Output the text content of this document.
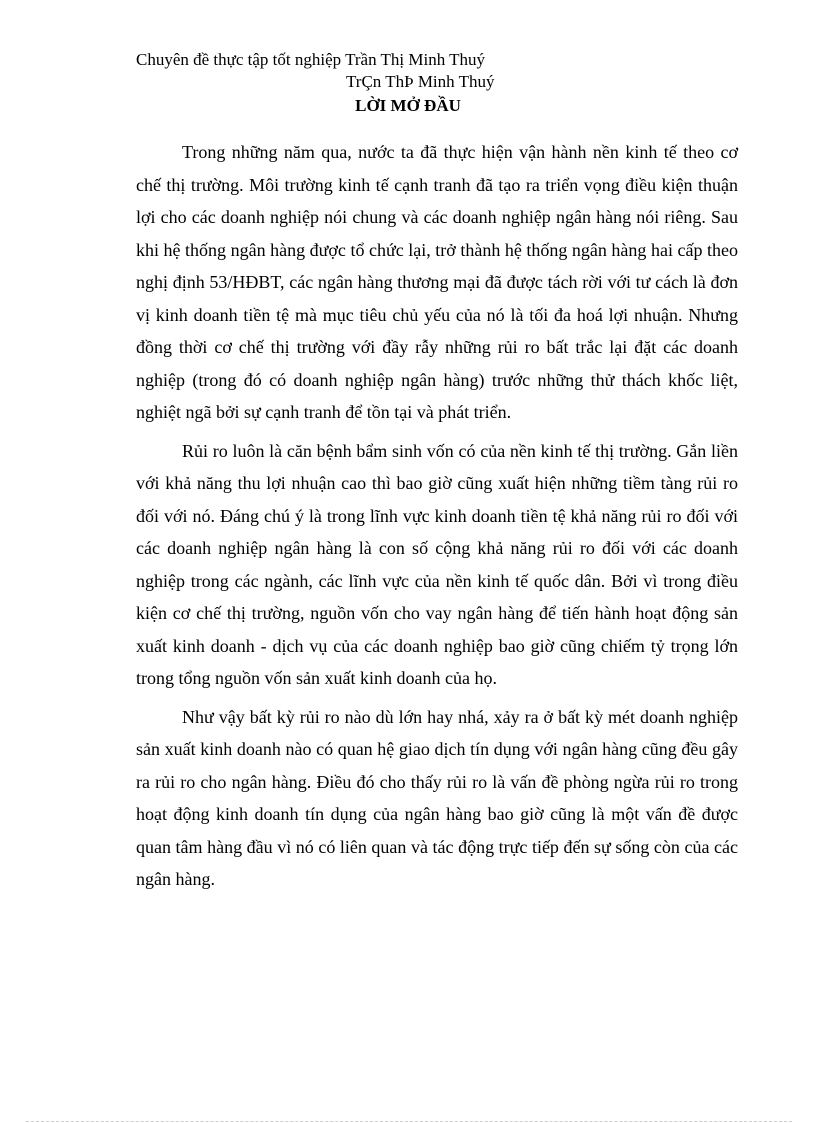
Chuyên đề thực tập tốt nghiệp Trần Thị Minh Thuý
TrÇn ThÞ Minh Thuý
LỜI MỞ ĐẦU

Trong những năm qua, nước ta đã thực hiện vận hành nền kinh tế theo cơ chế thị trường. Môi trường kinh tế cạnh tranh đã tạo ra triển vọng điều kiện thuận lợi cho các doanh nghiệp nói chung và các doanh nghiệp ngân hàng nói riêng. Sau khi hệ thống ngân hàng được tổ chức lại, trở thành hệ thống ngân hàng hai cấp theo nghị định 53/HĐBT, các ngân hàng thương mại đã được tách rời với tư cách là đơn vị kinh doanh tiền tệ mà mục tiêu chủ yếu của nó là tối đa hoá lợi nhuận. Nhưng đồng thời cơ chế thị trường với đầy rẫy những rủi ro bất trắc lại đặt các doanh nghiệp (trong đó có doanh nghiệp ngân hàng) trước những thử thách khốc liệt, nghiệt ngã bởi sự cạnh tranh để tồn tại và phát triển.

Rủi ro luôn là căn bệnh bẩm sinh vốn có của nền kinh tế thị trường. Gắn liền với khả năng thu lợi nhuận cao thì bao giờ cũng xuất hiện những tiềm tàng rủi ro đối với nó. Đáng chú ý là trong lĩnh vực kinh doanh tiền tệ khả năng rủi ro đối với các doanh nghiệp ngân hàng là con số cộng khả năng rủi ro đối với các doanh nghiệp trong các ngành, các lĩnh vực của nền kinh tế quốc dân. Bởi vì trong điều kiện cơ chế thị trường, nguồn vốn cho vay ngân hàng để tiến hành hoạt động sản xuất kinh doanh - dịch vụ của các doanh nghiệp bao giờ cũng chiếm tỷ trọng lớn trong tổng nguồn vốn sản xuất kinh doanh của họ.

Như vậy bất kỳ rủi ro nào dù lớn hay nhá, xảy ra ở bất kỳ mét doanh nghiệp sản xuất kinh doanh nào có quan hệ giao dịch tín dụng với ngân hàng cũng đều gây ra rủi ro cho ngân hàng. Điều đó cho thấy rủi ro là vấn đề phòng ngừa rủi ro trong hoạt động kinh doanh tín dụng của ngân hàng bao giờ cũng là một vấn đề được quan tâm hàng đầu vì nó có liên quan và tác động trực tiếp đến sự sống còn của các ngân hàng.
